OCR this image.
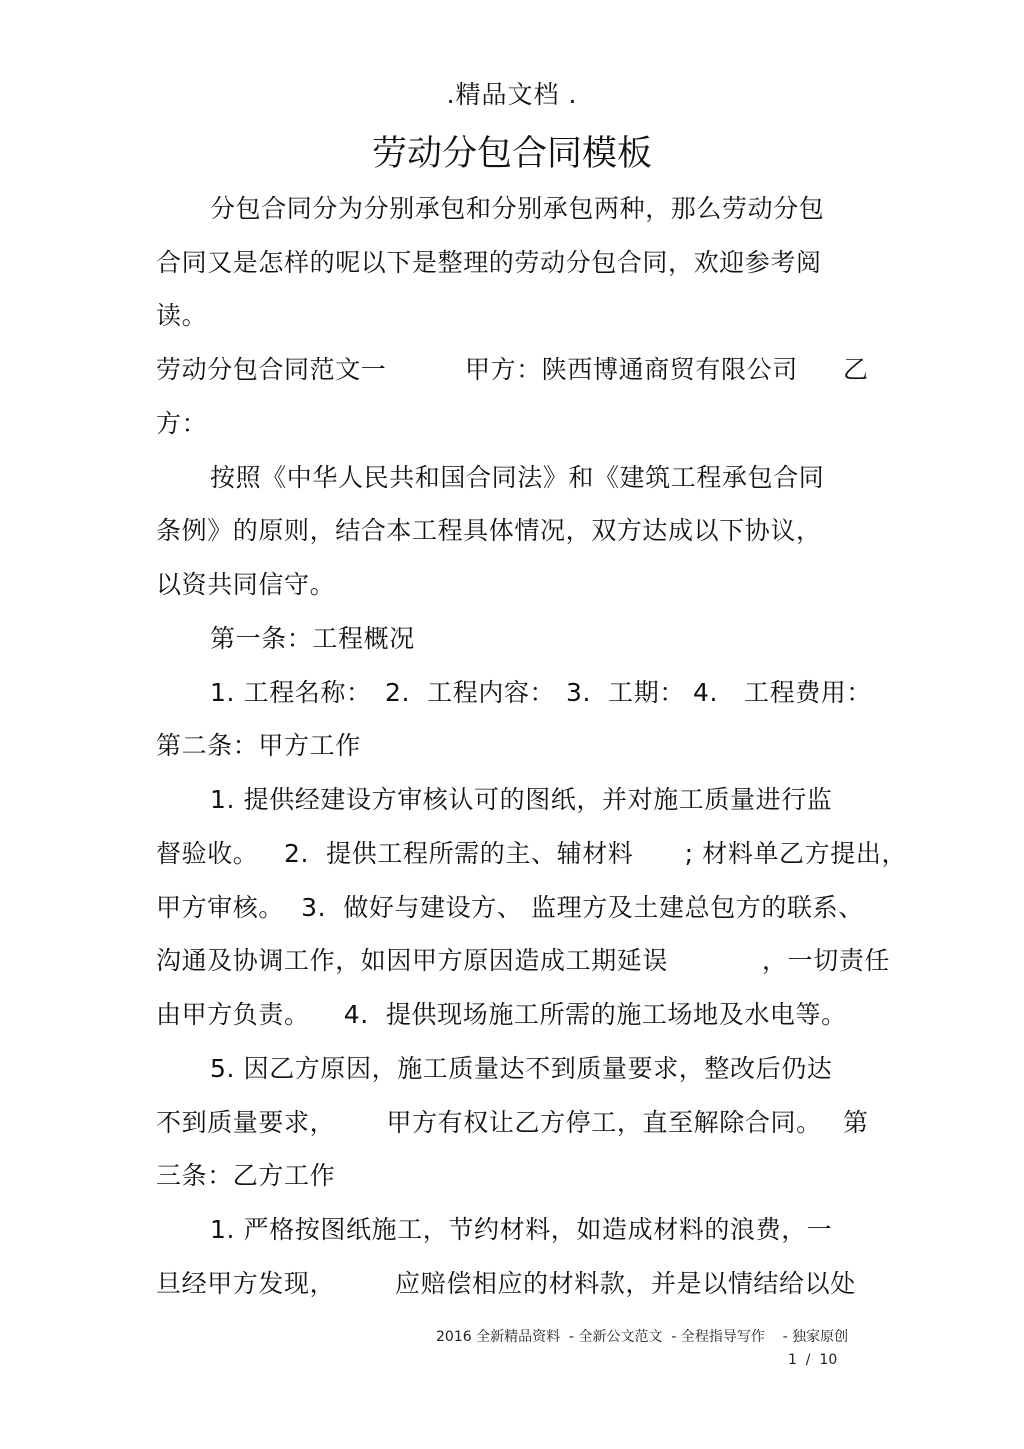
.精品文档 .
劳动分包合同模板
分包合同分为分别承包和分别承包两种，那么劳动分包
合同又是怎样的呢以下是整理的劳动分包合同，欢迎参考阅
读。
劳动分包合同范文一	甲方：陕西博通商贸有限公司 乙
方：
按照《中华人民共和国合同法》和《建筑工程承包合同
条例》的原则，结合本工程具体情况，双方达成以下协议，
以资共同信守。
第一条：工程概况
1. 工程名称： 2.  工程内容： 3.  工期： 4. 工程费用：
第二条：甲方工作
1. 提供经建设方审核认可的图纸，并对施工质量进行监
督验收。   2.  提供工程所需的主、辅材料      ; 材料单乙方提出，
甲方审核。  3.  做好与建设方、 监理方及土建总包方的联系、
沟通及协调工作，如因甲方原因造成工期延误           ，一切责任
由甲方负责。    4.  提供现场施工所需的施工场地及水电等。
5. 因乙方原因，施工质量达不到质量要求，整改后仍达
不到质量要求，      甲方有权让乙方停工，直至解除合同。 第
三条：乙方工作
1. 严格按图纸施工，节约材料，如造成材料的浪费，一
旦经甲方发现，       应赔偿相应的材料款，并是以情结给以处
2016 全新精品资料  - 全新公文范文  - 全程指导写作    - 独家原创
1  /  10
